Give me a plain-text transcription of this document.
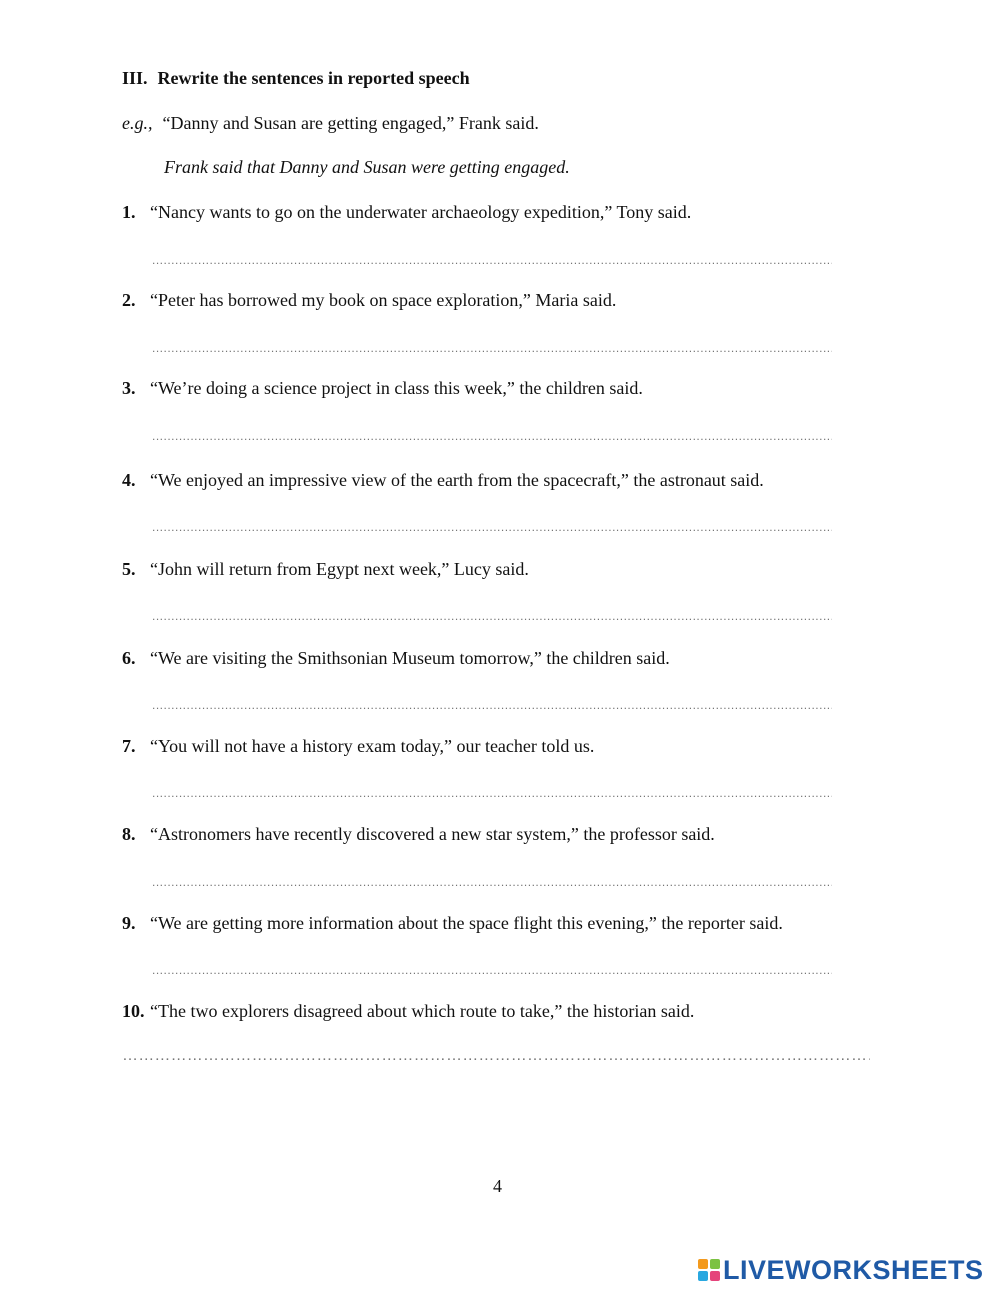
III. Rewrite the sentences in reported speech
e.g., “Danny and Susan are getting engaged,” Frank said.
Frank said that Danny and Susan were getting engaged.
1. “Nancy wants to go on the underwater archaeology expedition,” Tony said.
............................................................................................................................................................................................................................
2. “Peter has borrowed my book on space exploration,” Maria said.
............................................................................................................................................................................................................................
3. “We’re doing a science project in class this week,” the children said.
............................................................................................................................................................................................................................
4. “We enjoyed an impressive view of the earth from the spacecraft,” the astronaut said.
............................................................................................................................................................................................................................
5. “John will return from Egypt next week,” Lucy said.
............................................................................................................................................................................................................................
6. “We are visiting the Smithsonian Museum tomorrow,” the children said.
............................................................................................................................................................................................................................
7. “You will not have a history exam today,” our teacher told us.
............................................................................................................................................................................................................................
8. “Astronomers have recently discovered a new star system,” the professor said.
............................................................................................................................................................................................................................
9. “We are getting more information about the space flight this evening,” the reporter said.
............................................................................................................................................................................................................................
10. “The two explorers disagreed about which route to take,” the historian said.
………………………………………………………………………………………………………………………………………………………………………………………………………………………………………………………………………………………………………………………………
4
LIVEWORKSHEETS
